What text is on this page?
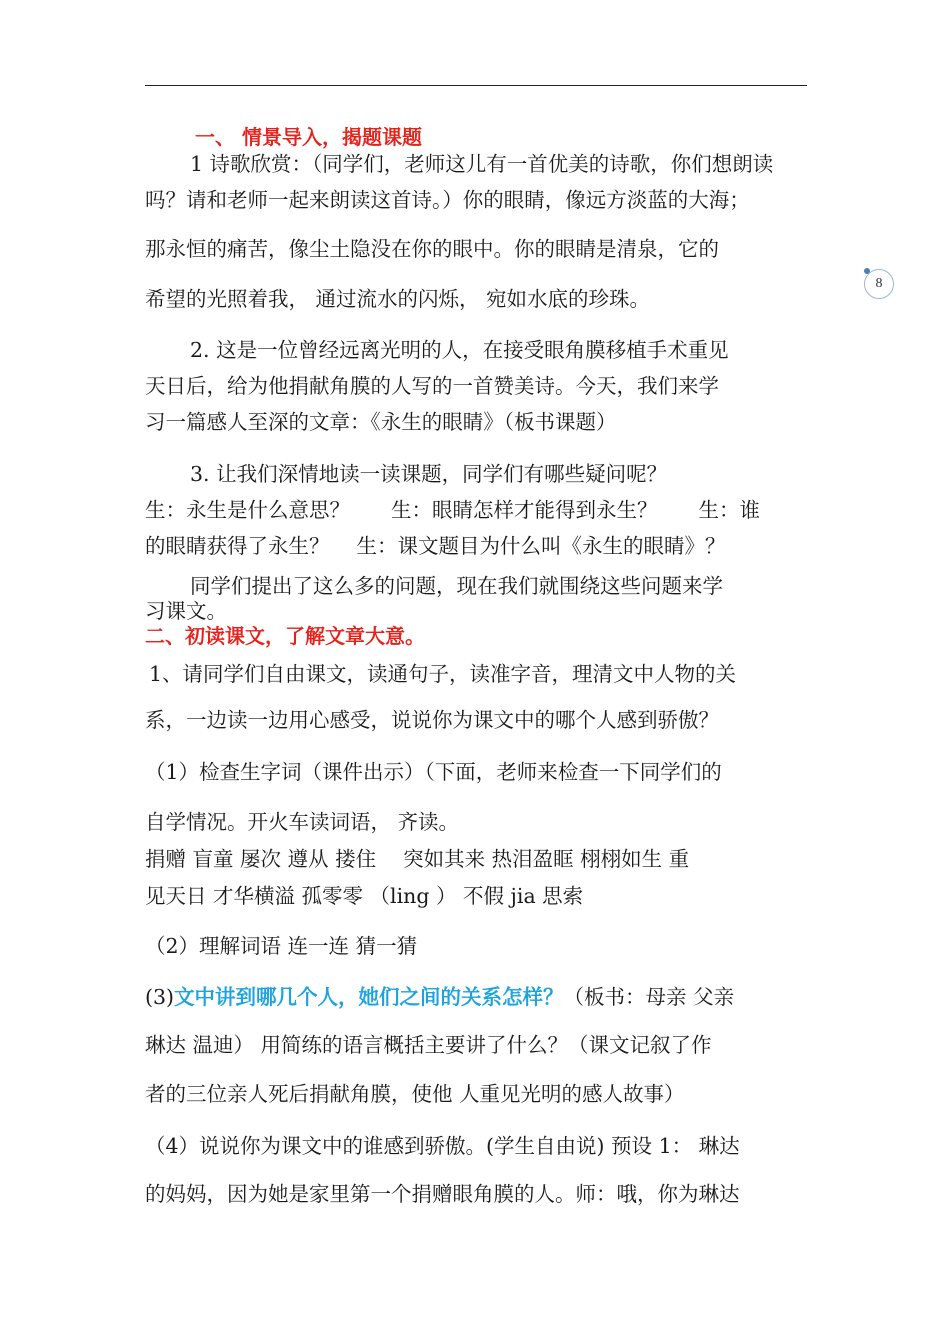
8
一、 情景导入，揭题课题
1 诗歌欣赏：（同学们，老师这儿有一首优美的诗歌，你们想朗读
吗？请和老师一起来朗读这首诗。）你的眼睛，像远方淡蓝的大海；
那永恒的痛苦，像尘土隐没在你的眼中。你的眼睛是清泉，它的
希望的光照着我， 通过流水的闪烁， 宛如水底的珍珠。
2. 这是一位曾经远离光明的人，在接受眼角膜移植手术重见
天日后，给为他捐献角膜的人写的一首赞美诗。今天，我们来学
习一篇感人至深的文章：《永生的眼睛》（板书课题）
3. 让我们深情地读一读课题，同学们有哪些疑问呢？
生：永生是什么意思？　　生：眼睛怎样才能得到永生？　　生：谁
的眼睛获得了永生？　 生：课文题目为什么叫《永生的眼睛》？
同学们提出了这么多的问题，现在我们就围绕这些问题来学
习课文。
二、初读课文，了解文章大意。
1、请同学们自由课文，读通句子，读准字音，理清文中人物的关
系，一边读一边用心感受，说说你为课文中的哪个人感到骄傲？
（1）检查生字词（课件出示）（下面，老师来检查一下同学们的
自学情况。开火车读词语， 齐读。
捐赠 盲童 屡次 遵从 搂住 　突如其来 热泪盈眶 栩栩如生 重
见天日 才华横溢 孤零零 （ling ） 不假 jia 思索
（2）理解词语 连一连 猜一猜
(3)文中讲到哪几个人，她们之间的关系怎样？（板书：母亲 父亲
琳达 温迪） 用简练的语言概括主要讲了什么？（课文记叙了作
者的三位亲人死后捐献角膜，使他 人重见光明的感人故事）
（4）说说你为课文中的谁感到骄傲。(学生自由说) 预设 1： 琳达
的妈妈，因为她是家里第一个捐赠眼角膜的人。师：哦，你为琳达
